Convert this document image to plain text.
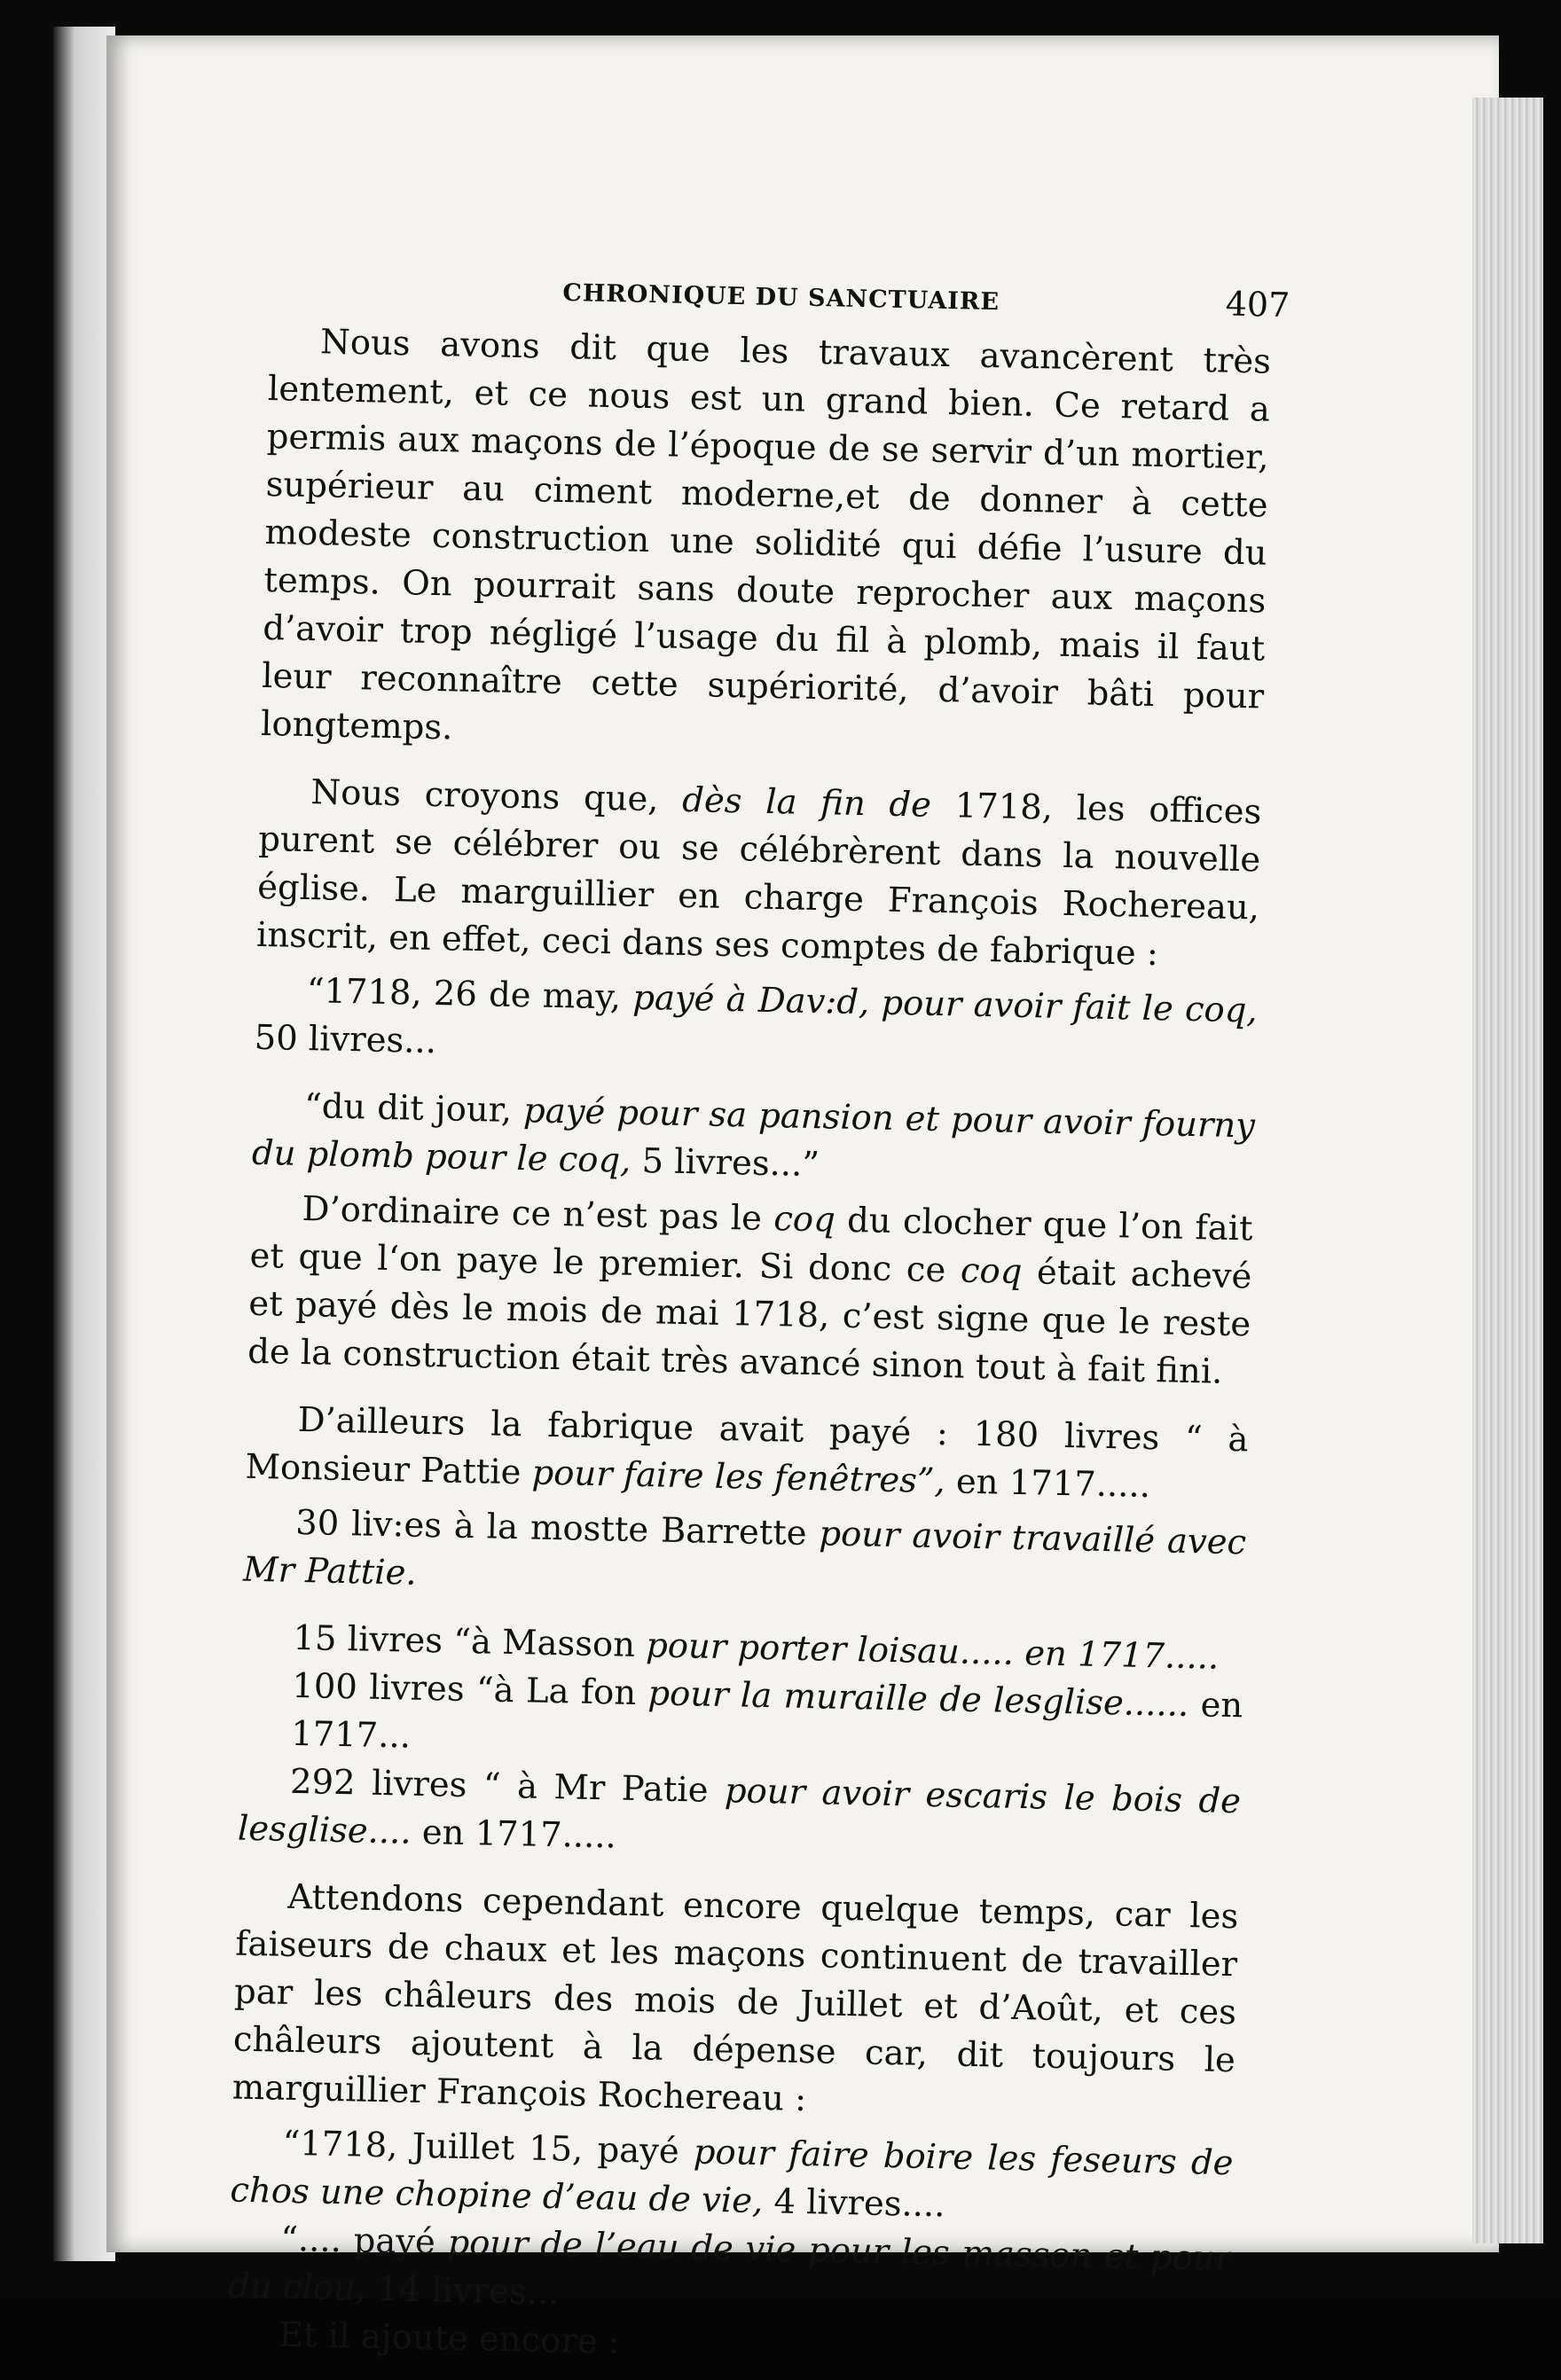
CHRONIQUE DU SANCTUAIRE	407

Nous avons dit que les travaux avancèrent très lentement, et ce nous est un grand bien. Ce retard a permis aux maçons de l’époque de se servir d’un mortier, supérieur au ciment moderne,et de donner à cette modeste construction une solidité qui défie l’usure du temps. On pourrait sans doute reprocher aux maçons d’avoir trop négligé l’usage du fil à plomb, mais il faut leur reconnaître cette supériorité, d’avoir bâti pour longtemps.

Nous croyons que, dès la fin de 1718, les offices purent se célébrer ou se célébrèrent dans la nouvelle église. Le marguillier en charge François Rochereau, inscrit, en effet, ceci dans ses comptes de fabrique :

“1718, 26 de may, payé à Dav:d, pour avoir fait le coq, 50 livres...

“du dit jour, payé pour sa pansion et pour avoir fourny du plomb pour le coq, 5 livres...”

D’ordinaire ce n’est pas le coq du clocher que l’on fait et que l‘on paye le premier. Si donc ce coq était achevé et payé dès le mois de mai 1718, c’est signe que le reste de la construction était très avancé sinon tout à fait fini.

D’ailleurs la fabrique avait payé : 180 livres “ à Monsieur Pattie pour faire les fenêtres”, en 1717.....

30 liv:es à la mostte Barrette pour avoir travaillé avec Mr Pattie.

15 livres “à Masson pour porter loisau..... en 1717.....

100 livres “à La fon pour la muraille de lesglise...... en 1717...

292 livres “ à Mr Patie pour avoir escaris le bois de lesglise.... en 1717.....

Attendons cependant encore quelque temps, car les faiseurs de chaux et les maçons continuent de travailler par les châleurs des mois de Juillet et d’Août, et ces châleurs ajoutent à la dépense car, dit toujours le marguillier François Rochereau :

“1718, Juillet 15, payé pour faire boire les feseurs de chos une chopine d’eau de vie, 4 livres....

“.... payé pour de l’eau de vie pour les masson et pour du clou, 14 livres...

Et il ajoute encore :
